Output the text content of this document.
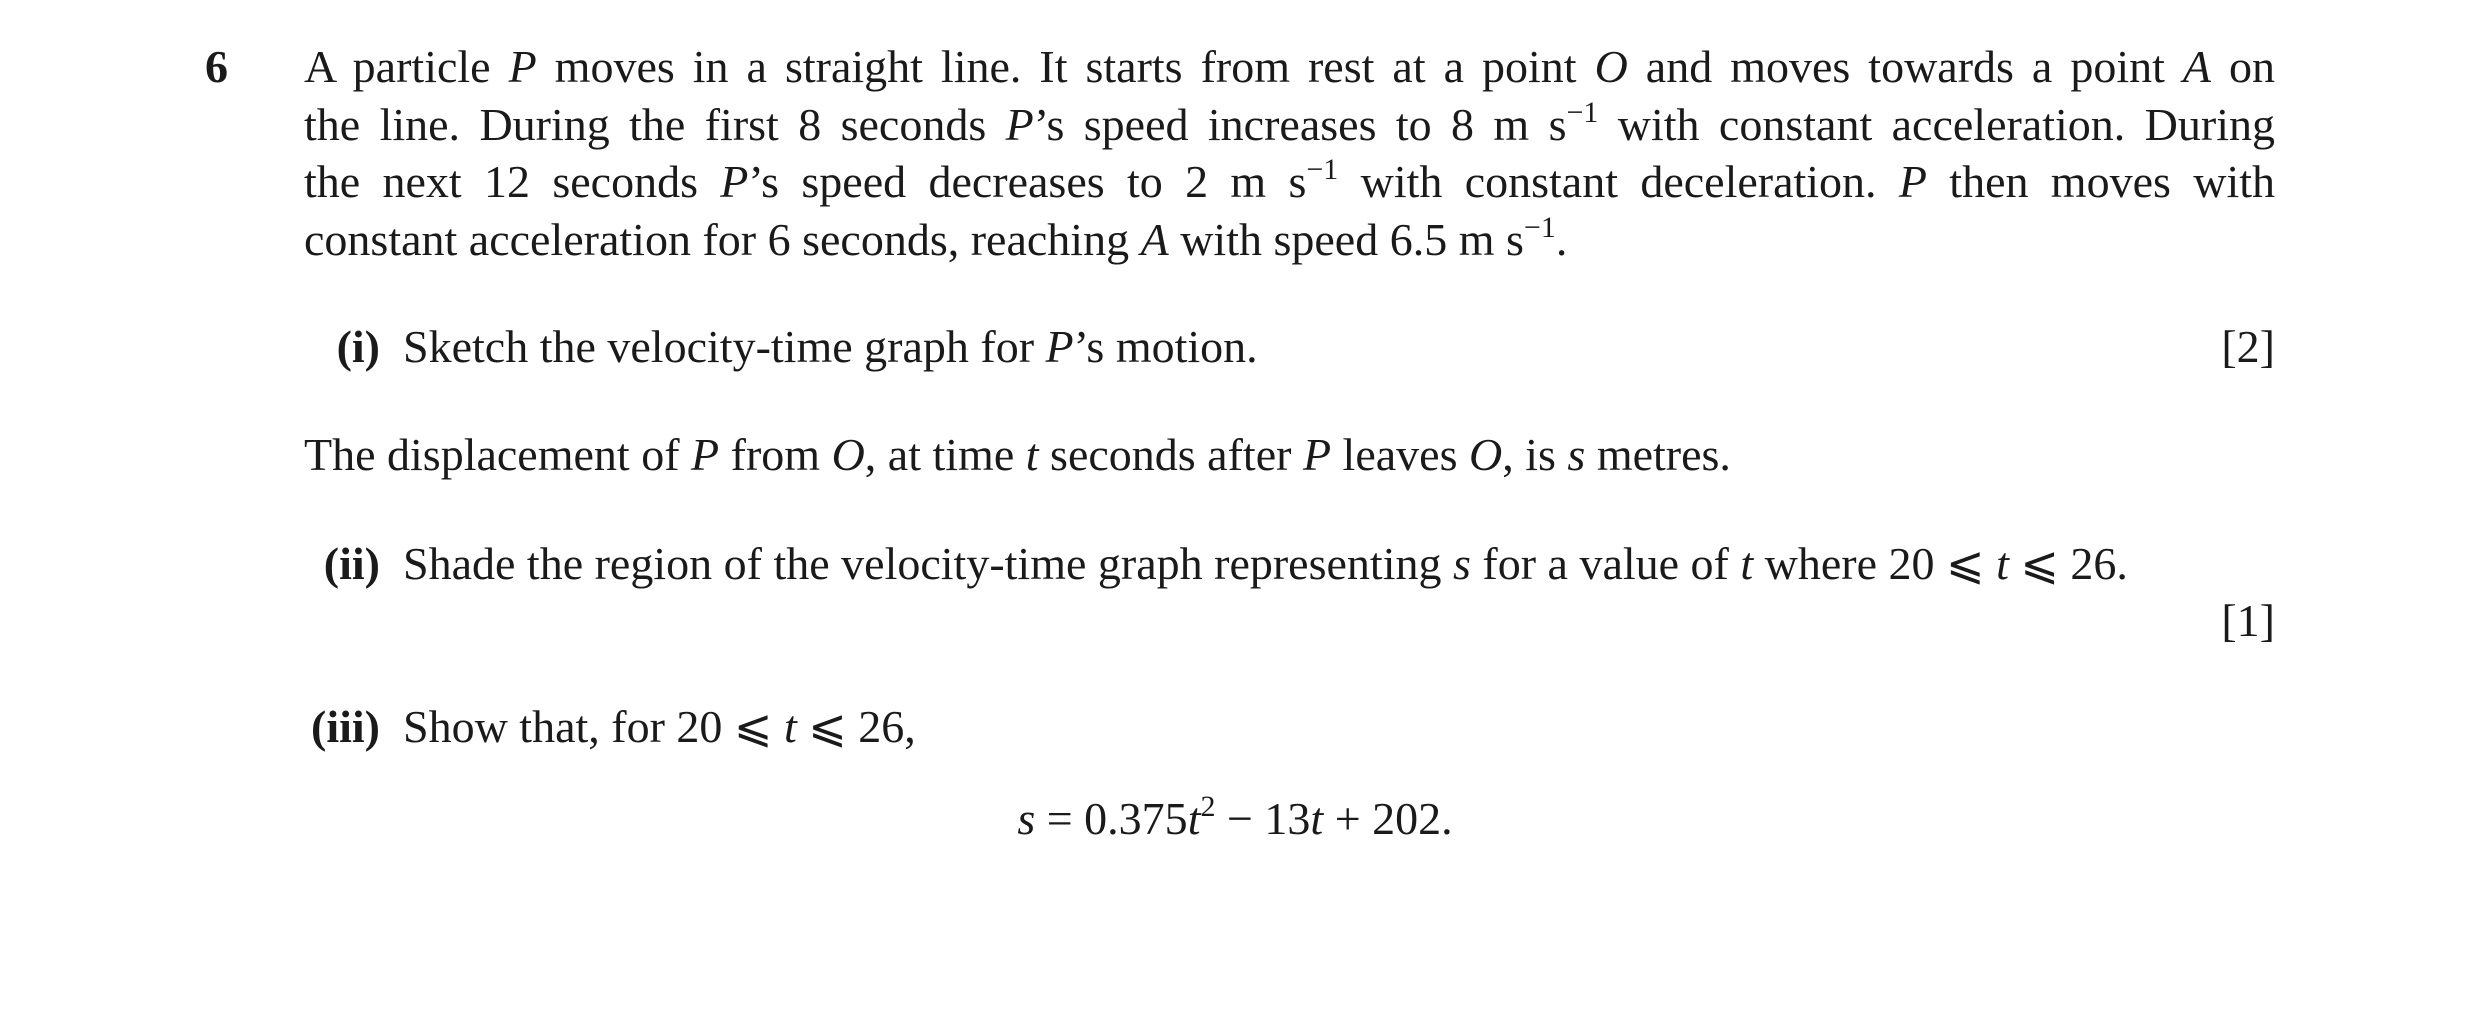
6 A particle P moves in a straight line. It starts from rest at a point O and moves towards a point A on
the line. During the first 8 seconds P’s speed increases to 8 m $s^{-1}$ with constant acceleration. During
the next 12 seconds P’s speed decreases to 2 m $s^{-1}$ with constant deceleration. P then moves with
constant acceleration for 6 seconds, reaching A with speed 6.5 m $s^{-1}$.
(i) Sketch the velocity-time graph for P’s motion.	[2]
The displacement of P from O, at time t seconds after P leaves O, is s metres.
(ii) Shade the region of the velocity-time graph representing s for a value of t where 20 ⩽ t ⩽ 26.
[1]
(iii) Show that, for 20 ⩽ t ⩽ 26,
$s = 0.375t^2 - 13t + 202$.
